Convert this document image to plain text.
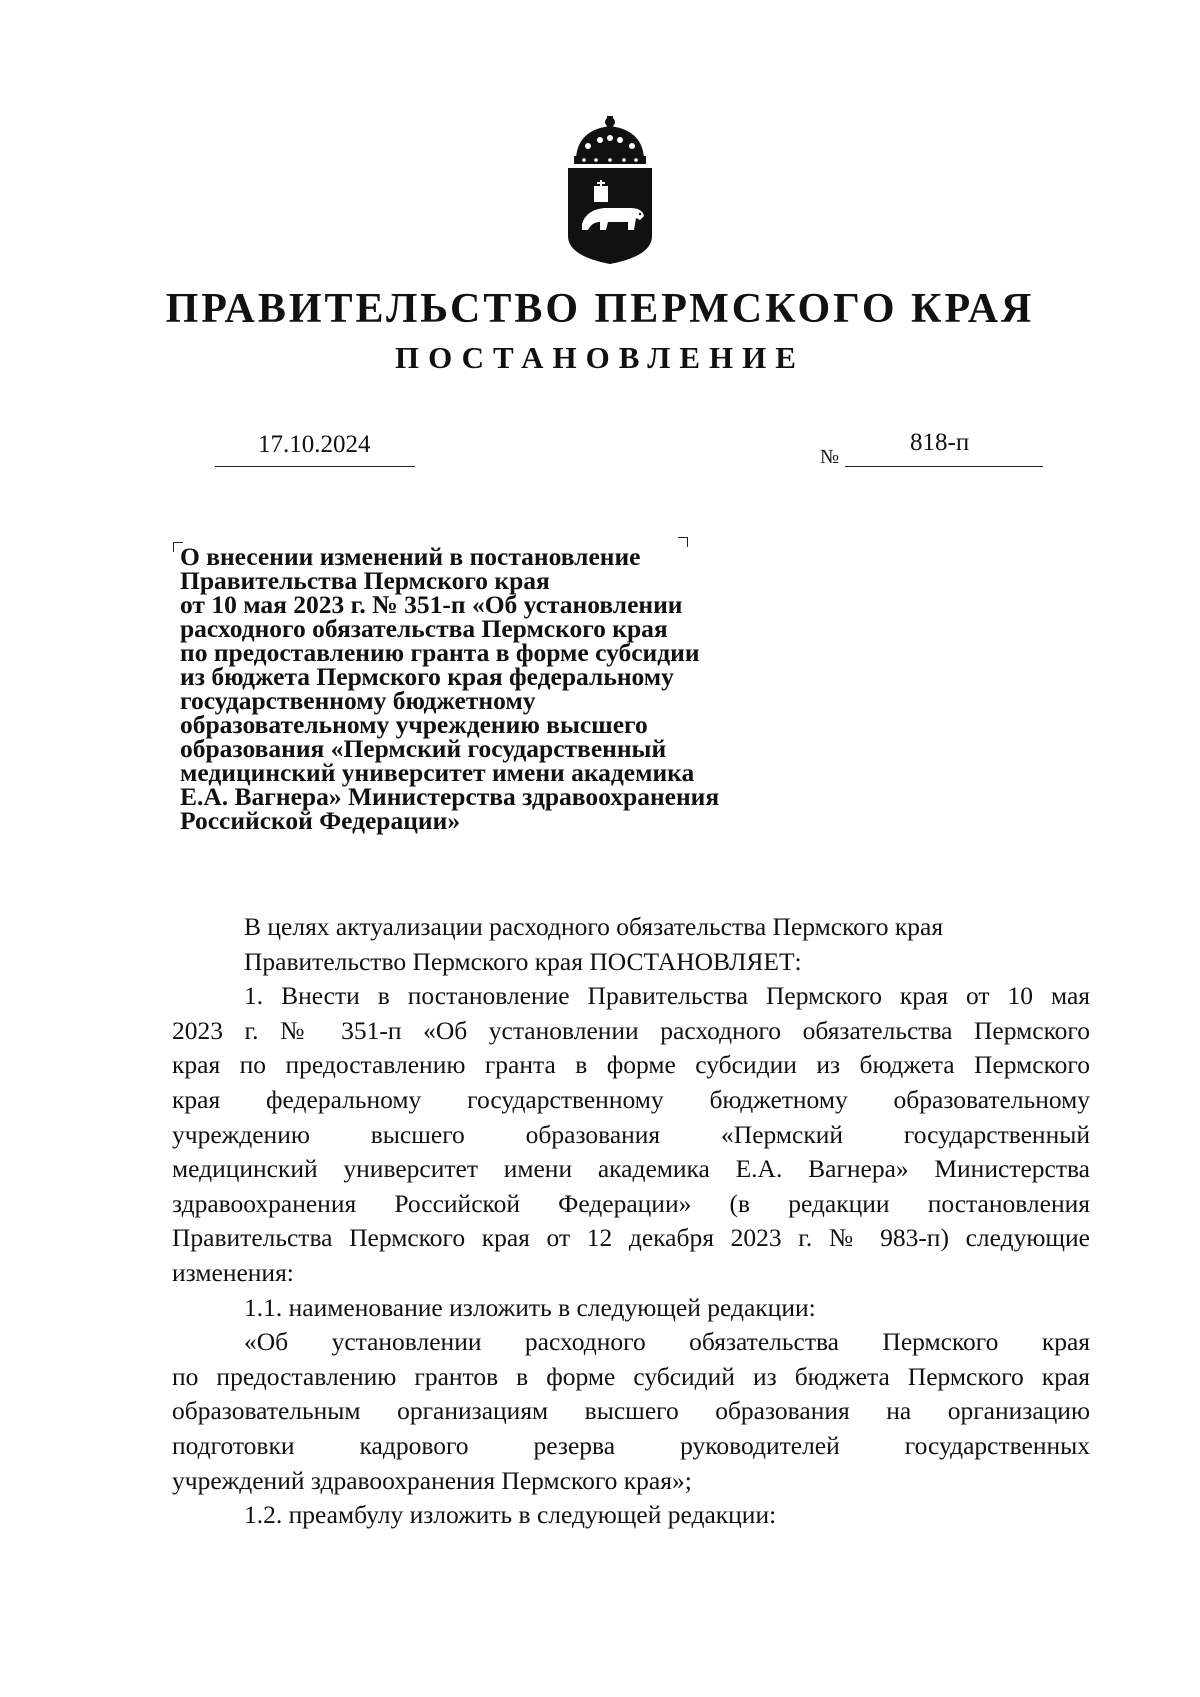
ПРАВИТЕЛЬСТВО ПЕРМСКОГО КРАЯ
ПОСТАНОВЛЕНИЕ
17.10.2024	№
818-п
О внесении изменений в постановление
Правительства Пермского края
от 10 мая 2023 г. № 351-п «Об установлении
расходного обязательства Пермского края
по предоставлению гранта в форме субсидии
из бюджета Пермского края федеральному
государственному бюджетному
образовательному учреждению высшего
образования «Пермский государственный
медицинский университет имени академика
Е.А. Вагнера» Министерства здравоохранения
Российской Федерации»
В целях актуализации расходного обязательства Пермского края
Правительство Пермского края ПОСТАНОВЛЯЕТ:
1. Внести в постановление Правительства Пермского края от 10 мая
2023 г. № 351-п «Об установлении расходного обязательства Пермского
края по предоставлению гранта в форме субсидии из бюджета Пермского
края федеральному государственному бюджетному образовательному
учреждению высшего образования «Пермский государственный
медицинский университет имени академика Е.А. Вагнера» Министерства
здравоохранения Российской Федерации» (в редакции постановления
Правительства Пермского края от 12 декабря 2023 г. № 983-п) следующие
изменения:
1.1. наименование изложить в следующей редакции:
«Об установлении расходного обязательства Пермского края
по предоставлению грантов в форме субсидий из бюджета Пермского края
образовательным организациям высшего образования на организацию
подготовки кадрового резерва руководителей государственных
учреждений здравоохранения Пермского края»;
1.2. преамбулу изложить в следующей редакции:
